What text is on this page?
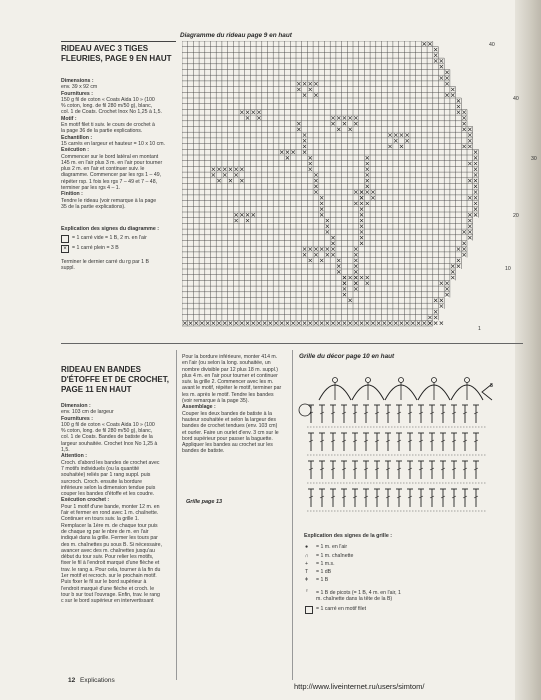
RIDEAU AVEC 3 TIGES
FLEURIES, PAGE 9 EN HAUT
Dimensions :
env. 39 x 92 cm
Fournitures :
150 g fil de coton « Coats Aida 10 » (100
% coton, long. de fil 280 m/50 g), blanc,
col. 1 de Coats. Crochet Inox No 1,25 à 1,5.
Motif :
En motif filet ti suiv. le cours de crochet à
la page 36 de la partie explications.
Echantillon :
15 carrés en largeur et hauteur = 10 x 10 cm.
Exécution :
Commencer sur le bord latéral en montant
145 m. en l'air plus 3 m. en l'air pour tourner
plus 2 m. en l'air et continuer suiv. le
diagramme. Commencer par les rgs 1 – 49,
répéter rsp. 1 fois les rgs 7 – 49 et 7 – 48,
terminer par les rgs 4 – 1.
Finition :
Tendre le rideau (voir remarque à la page
35 de la partie explications).
Explication des signes du diagramme :
= 1 carré vide = 1 B, 2 m. en l'air
×	= 1 carré plein = 3 B
Terminer le dernier carré du rg par 1 B
suppl.
Diagramme du rideau page 9 en haut
40
40
30
20
10
1
RIDEAU EN BANDES
D'ÉTOFFE ET DE CROCHET,
PAGE 11 EN HAUT
Dimension :
env. 103 cm de largeur
Fournitures :
100 g fil de coton « Coats Aida 10 » (100
% coton, long. de fil 280 m/50 g), blanc,
col. 1 de Coats. Bandes de batiste de la
largeur souhaitée. Crochet Inox No 1,25 à
1,5.
Attention :
Croch. d'abord les bandes de crochet avec
7 motifs individuels (ou la quantité
souhaitée) reliés par 1 rang suppl. puis
surcroch. Croch. ensuite la bordure
inférieure selon la dimension tendue puis
couper les bandes d'étoffe et les coudre.
Exécution crochet :
Pour 1 motif d'une bande, monter 12 m. en
l'air et fermer en rond avec 1 m. chaînette.
Continuer en tours suiv. la grille 1.
Remplacer la 1ère m. de chaque tour puis
de chaque rg par le nbre de m. en l'air
indiqué dans la grille. Fermer les tours par
des m. chaînettes pu sous B. Si nécessaire,
avancer avec des m. chaînettes jusqu'au
début du tour suiv. Pour relier les motifs,
fixer le fil à l'endroit marqué d'une flèche et
trav. le rang a. Pour cela, tourner à la fin du
1er motif et recroch. sur le prochain motif.
Puis fixer le fil sur le bord supérieur à
l'endroit marqué d'une flèche et croch. le
tour b sur tout l'ouvrage. Enfin, trav. le rang
c sur le bord supérieur en intervertissant
Pour la bordure inférieure, monter 414 m.
en l'air (ou selon la long. souhaitée, un
nombre divisible par 12 plus 18 m. suppl.)
plus 4 m. en l'air pour tourner et continuer
suiv. la grille 2. Commencer avec les m.
avant le motif, répéter le motif, terminer par
les m. après le motif. Tendre les bandes
(voir remarque à la page 35).
Assemblage :
Couper les deux bandes de batiste à la
hauteur souhaitée et selon la largeur des
bandes de crochet tendues (env. 103 cm)
et ourler. Faire un ourlet d'env. 3 cm sur le
bord supérieur pour passer la baguette.
Appliquer les bandes au crochet sur les
bandes de batiste.
Grille page 13
Grille du décor page 10 en haut
8
Explication des signes de la grille :
● = 1 m. en l'air
∩ = 1 m. chaînette
+ = 1 m.s.
T = 1 dB
ǂ = 1 B
♀ = 1 B de picots (= 1 B, 4 m. en l'air, 1
m. chaînette dans la tête de la B)
= 1 carré en motif filet
12 Explications
http://www.liveinternet.ru/users/simtom/
